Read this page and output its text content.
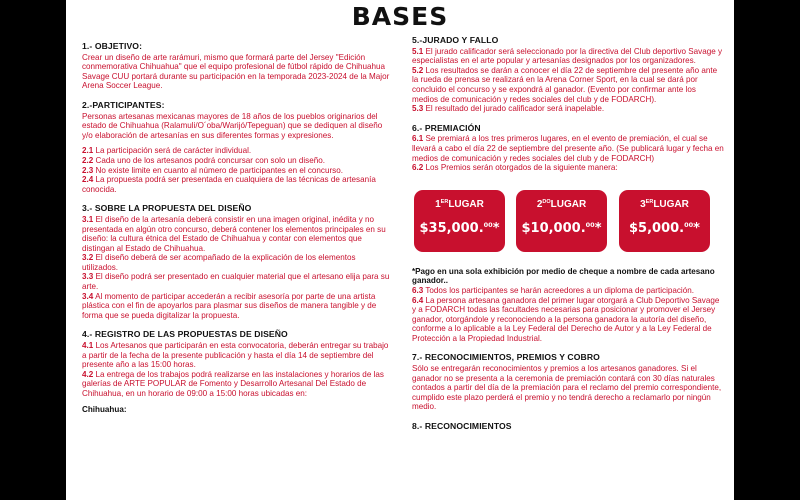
BASES
1.- OBJETIVO:
Crear un diseño de arte rarámuri, mismo que formará parte del Jersey "Edición conmemorativa Chihuahua" que el equipo profesional de fútbol rápido de Chihuahua Savage CUU portará durante su participación en la temporada 2023-2024 de la Major Arena Soccer League.
2.-PARTICIPANTES:
Personas artesanas mexicanas mayores de 18 años de los pueblos originarios del estado de Chihuahua (Ralamuli/O´oba/Warijó/Tepeguan) que se dediquen al diseño y/o elaboración de artesanías en sus diferentes formas y expresiones.
2.1 La participación será de carácter individual.
2.2 Cada uno de los artesanos podrá concursar con solo un diseño.
2.3 No existe limite en cuanto al número de participantes en el concurso.
2.4 La propuesta podrá ser presentada en cualquiera de las técnicas de artesanía conocida.
3.- SOBRE LA PROPUESTA DEL DISEÑO
3.1 El diseño de la artesanía deberá consistir en una imagen original, inédita y no presentada en algún otro concurso, deberá contener los elementos principales en su diseño: la cultura étnica del Estado de Chihuahua y contar con elementos que distingan al Estado de Chihuahua.
3.2 El diseño deberá de ser acompañado de la explicación de los elementos utilizados.
3.3 El diseño podrá ser presentado en cualquier material que el artesano elija para su arte.
3.4 Al momento de participar accederán a recibir asesoría por parte de una artista plástica con el fin de apoyarlos para plasmar sus diseños de manera tangible y de forma que se pueda digitalizar la propuesta.
4.- REGISTRO DE LAS PROPUESTAS DE DISEÑO
4.1 Los Artesanos que participarán en esta convocatoria, deberán entregar su trabajo a partir de la fecha de la presente publicación y hasta el día 14 de septiembre del presente año a las 15:00 horas.
4.2 La entrega de los trabajos podrá realizarse en las instalaciones y horarios de las galerías de ARTE POPULAR de Fomento y Desarrollo Artesanal Del Estado de Chihuahua, en un horario de 09:00 a 15:00 horas ubicadas en:
Chihuahua:
5.-JURADO Y FALLO
5.1 El jurado calificador será seleccionado por la directiva del Club deportivo Savage y especialistas en el arte popular y artesanías designados por los organizadores.
5.2 Los resultados se darán a conocer el día 22 de septiembre del presente año ante la rueda de prensa se realizará en la Arena Corner Sport, en la cual se dará por concluido el concurso y se expondrá al ganador. (Evento por confirmar ante los medios de comunicación y redes sociales del club y de FODARCH).
5.3 El resultado del jurado calificador será inapelable.
6.- PREMIACIÓN
6.1 Se premiará a los tres primeros lugares, en el evento de premiación, el cual se llevará a cabo el día 22 de septiembre del presente año. (Se publicará lugar y fecha en medios de comunicación y redes sociales del club y de FODARCH)
6.2 Los Premios serán otorgados de la siguiente manera:
1ERLUGAR
$35,000.00*
$2^{DO}LUGAR$
$10,000.00*
3ERLUGAR
$5,000.00*
*Pago en una sola exhibición por medio de cheque a nombre de cada artesano ganador..
6.3 Todos los participantes se harán acreedores a un diploma de participación.
6.4 La persona artesana ganadora del primer lugar otorgará a Club Deportivo Savage y a FODARCH todas las facultades necesarias para posicionar y promover el Jersey ganador, otorgándole y reconociendo a la persona ganadora la autoría del diseño, conforme a lo aplicable a la Ley Federal del Derecho de Autor y a la Ley Federal de Protección a la Propiedad Industrial.
7.- RECONOCIMIENTOS, PREMIOS Y COBRO
Sólo se entregarán reconocimientos y premios a los artesanos ganadores. Si el ganador no se presenta a la ceremonia de premiación contará con 30 días naturales contados a partir del día de la premiación para el reclamo del premio correspondiente, cumplido este plazo perderá el premio y no tendrá derecho a reclamarlo por ningún medio.
8.- RECONOCIMIENTOS
